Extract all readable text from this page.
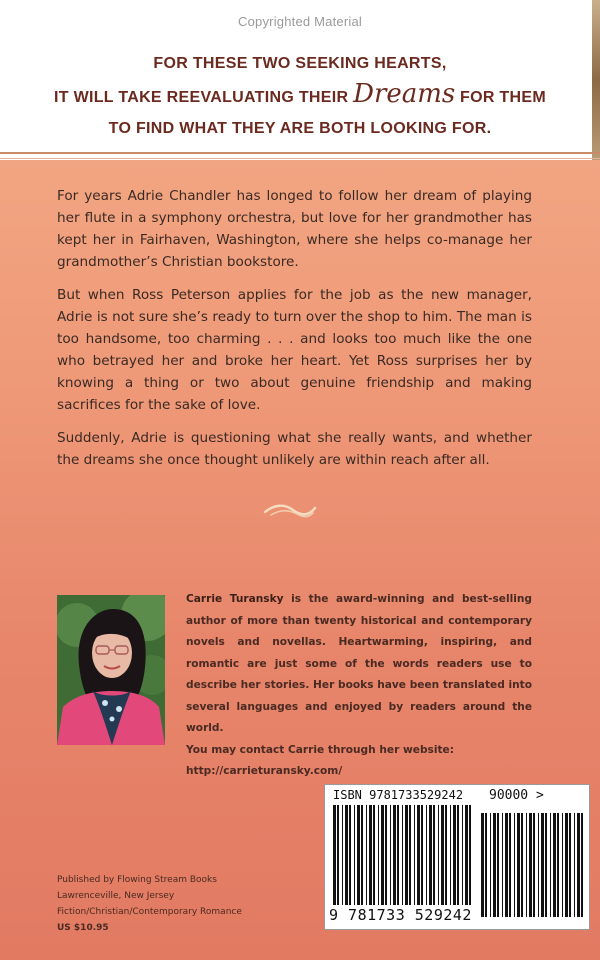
Copyrighted Material
FOR THESE TWO SEEKING HEARTS,
IT WILL TAKE REEVALUATING THEIR Dreams FOR THEM
TO FIND WHAT THEY ARE BOTH LOOKING FOR.

For years Adrie Chandler has longed to follow her dream of playing her flute in a symphony orchestra, but love for her grandmother has kept her in Fairhaven, Washington, where she helps co-manage her grandmother’s Christian bookstore.

But when Ross Peterson applies for the job as the new manager, Adrie is not sure she’s ready to turn over the shop to him. The man is too handsome, too charming . . . and looks too much like the one who betrayed her and broke her heart. Yet Ross surprises her by knowing a thing or two about genuine friendship and making sacrifices for the sake of love.

Suddenly, Adrie is questioning what she really wants, and whether the dreams she once thought unlikely are within reach after all.

Carrie Turansky is the award-winning and best-selling author of more than twenty historical and contemporary novels and novellas. Heartwarming, inspiring, and romantic are just some of the words readers use to describe her stories. Her books have been translated into several languages and enjoyed by readers around the world.
You may contact Carrie through her website:
http://carrieturansky.com/
Published by Flowing Stream Books
Lawrenceville, New Jersey
Fiction/Christian/Contemporary Romance
US $10.95
ISBN 9781733529242 90000 >
9 781733 529242
